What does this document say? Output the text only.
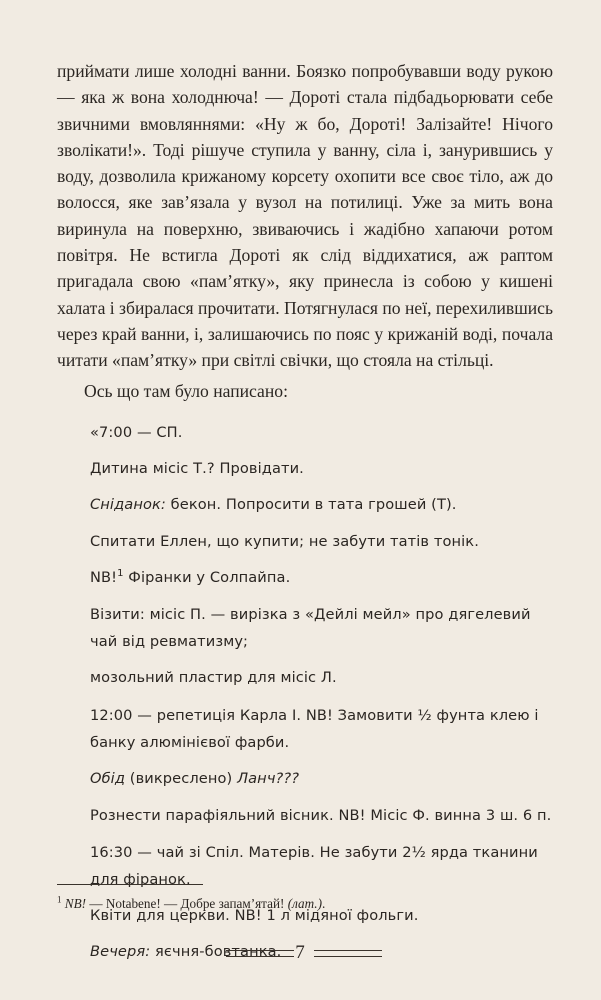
приймати лише холодні ванни. Боязко попробувавши воду рукою — яка ж вона холоднюча! — Дороті стала підбадьорювати себе звичними вмовляннями: «Ну ж бо, Дороті! Залізайте! Нічого зволікати!». Тоді рішуче ступила у ванну, сіла і, занурившись у воду, дозволила крижаному корсету охопити все своє тіло, аж до волосся, яке зав’язала у вузол на потилиці. Уже за мить вона виринула на поверхню, звиваючись і жадібно хапаючи ротом повітря. Не встигла Дороті як слід віддихатися, аж раптом пригадала свою «пам’ятку», яку принесла із собою у кишені халата і збиралася прочитати. Потягнулася по неї, перехилившись через край ванни, і, залишаючись по пояс у крижаній воді, почала читати «пам’ятку» при світлі свічки, що стояла на стільці.

Ось що там було написано:

«7:00 — СП.

Дитина місіс Т.? Провідати.

Сніданок: бекон. Попросити в тата грошей (Т).

Спитати Еллен, що купити; не забути татів тонік.

NB!$^1$ Фіранки у Солпайпа.

Візити: місіс П. — вирізка з «Дейлі мейл» про дягелевий чай від ревматизму;

мозольний пластир для місіс Л.

12:00 — репетиція Карла І. NB! Замовити ½ фунта клею і банку алюмінієвої фарби.

Обід (викреслено) Ланч???

Рознести парафіяльний вісник. NB! Місіс Ф. винна 3 ш. 6 п.

16:30 — чай зі Спіл. Матерів. Не забути 2½ ярда тканини для фіранок.

Квіти для церкви. NB! 1 л мідяної фольги.

Вечеря: яєчня-бовтанка.

$^1$ NB! — Notabene! — Добре запам’ятай! (лат.).

7
